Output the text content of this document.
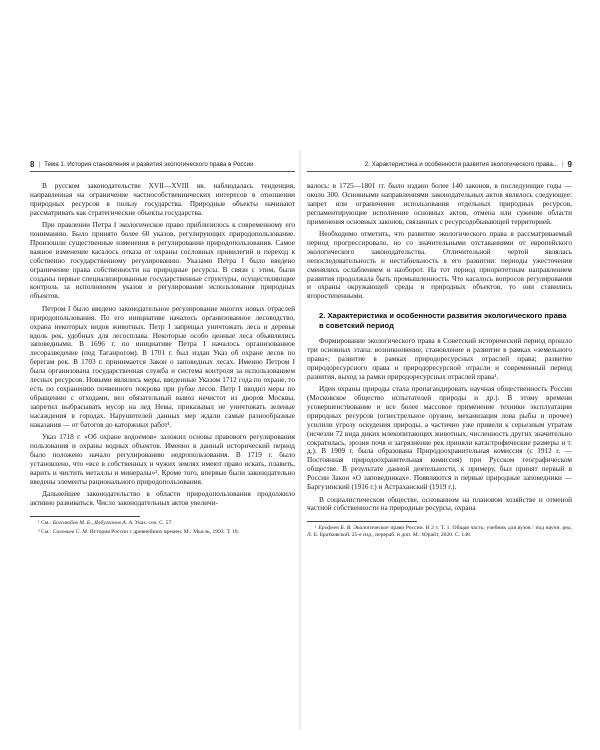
8 | Тема 1. История становления и развития экологического права в России

В русском законодательстве XVII—XVIII вв. наблюдалась тенденция, направленная на ограничение частнособственнических интересов в отношении природных ресурсов в пользу государства. Природные объекты начинают рассматривать как стратегические объекты государства.

При правлении Петра I экологическое право приблизилось к современному его пониманию. Было принято более 60 указов, регулирующих природопользование. Произошли существенные изменения в регулировании природопользования. Самое важное изменение касалось отказа от охраны сословных привилегий и переход к собственно государственному регулированию. Указами Петра I было введено ограничение права собственности на природные ресурсы. В связи с этим, были созданы первые специализированные государственные структуры, осуществляющие контроль за исполнением указов и регулирование использования природных объектов.

Петром I было введено законодательное регулирование многих новых отраслей природопользования. По его инициативе началось организованное лесоводство, охрана некоторых видов животных. Петр I запрещал уничтожать леса и деревья вдоль рек, удобных для лесосплава. Некоторые особо ценные леса объявлялись заповедными. В 1696 г. по инициативе Петра I началось организованное лесоразведение (под Таганрогом). В 1701 г. был издан Указ об охране лесов по берегам рек. В 1703 г. принимается Закон о заповедных лесах. Именно Петром I была организована государственная служба и система контроля за использованием лесных ресурсов. Новыми являлись меры, введенные Указом 1712 года по охране, то есть по сохранению почвенного покрова при рубке лесов. Петр I вводил меры по обращению с отходами, вел обязательный вывоз нечистот из дворов Москвы, запретил выбрасывать мусор на лед Невы, приказывал не уничтожать зеленые насаждения в городах. Нарушителей данных мер ждали самые разнообразные наказания — от батогов до каторжных работ¹.

Указ 1718 г. «Об охране водоемов» заложил основы правового регулирования пользования и охраны водных объектов. Именно в данный исторический период было положено начало регулированию недропользования. В 1719 г. было установлено, что «все в собственных и чужих землях имеют право искать, плавить, варить и чистить металлы и минералы»². Кроме того, впервые были законодательно введены элементы рационального природопользования.

Дальнейшее законодательство в области природопользования продолжило активно развиваться. Число законодательных актов увеличи-

¹ См.: Боголюбов М. Б., Ялбулганов А. А. Указ. соч. С. 57.

² См.: Соловьев С. М. История России с древнейших времен. М.: Мысль, 1993. Т. 18.

2. Характеристика и особенности развития экологического права... | 9

валось: в 1725—1801 гг. было издано более 140 законов, в последующие годы — около 300. Основными направлениями законодательных актов являлось следующее: запрет или ограничение использования отдельных природных ресурсов, регламентирующие исполнение основных актов, отмена или сужение области применения основных законов, связанных с ресурсодобывающей территорией.

Необходимо отметить, что развитие экологического права в рассматриваемый период прогрессировало, но со значительными отставаниями от европейского экологического законодательства. Отличительной чертой являлась непоследовательность и нестабильность в его развитии: периоды ужесточения сменялись ослаблением и наоборот. На тот период приоритетным направлением развития продолжала быть промышленность. Что касалось вопросов регулирования и охраны окружающей среды и природных объектов, то они ставились второстепенными.

2. Характеристика и особенности развития экологического права в советский период

Формирование экологического права в Советский исторический период прошло три основных этапа: возникновение, становление и развитие в рамках «земельного права»; развитие в рамках природоресурсных отраслей права; развитие природоресурсного права и природоресурсной отрасли и современный период развития, выход за рамки природоресурсных отраслей права¹.

Идеи охраны природы стала пропагандировать научная общественность России (Московское общество испытателей природы и др.). В этому времени усовершенствование и все более массовое применение техники эксплуатации природных ресурсов (огнестрельное оружие, механизация лова рыбы и прочее) усилили угрозу оскудения природы, а частично уже привели к серьезным утратам (исчезли 72 вида диких млекопитающих животных, численность других значительно сократилась, эрозия почв и загрязнение рек приняли катастрофические размеры и т. д.). В 1909 г. была образована Природоохранительная комиссия (с 1912 г. — Постоянная природоохранительная комиссия) при Русском географическом обществе. В результате данной деятельности, к примеру, был принят первый в России Закон «О заповедниках». Появляются и первые природные заповедники — Баргузинский (1916 г.) и Астраханский (1919 г.).

В социалистическом обществе, основанном на плановом хозяйстве и отменой частной собственности на природные ресурсы, охрана

¹ Ерофеев Б. В. Экологическое право России. В 2 т. Т. 1. Общая часть: учебник для вузов / под научн. ред. Л. Б. Братковской. 25-е изд., перераб. и доп. М.: Юрайт, 2020. С. 148.
